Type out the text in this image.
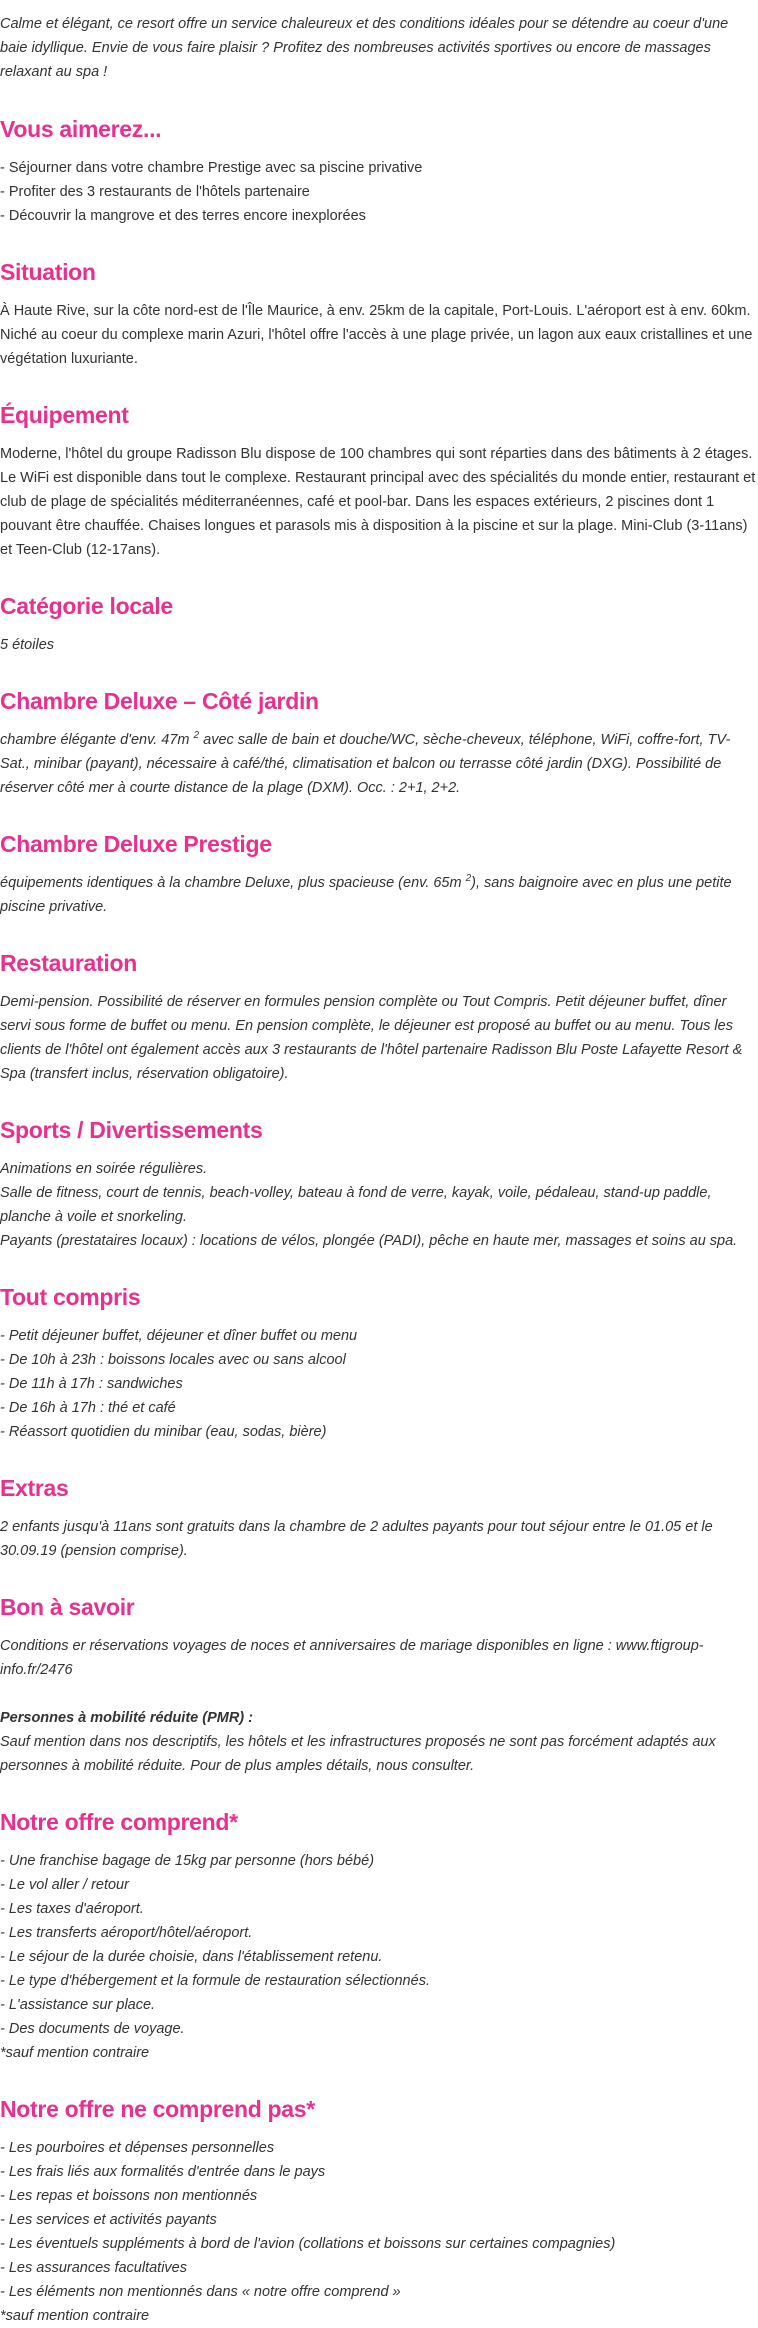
Calme et élégant, ce resort offre un service chaleureux et des conditions idéales pour se détendre au coeur d'une baie idyllique. Envie de vous faire plaisir ? Profitez des nombreuses activités sportives ou encore de massages relaxant au spa !

Vous aimerez...

- Séjourner dans votre chambre Prestige avec sa piscine privative

- Profiter des 3 restaurants de l'hôtels partenaire

- Découvrir la mangrove et des terres encore inexplorées

Situation

À Haute Rive, sur la côte nord-est de l'Île Maurice, à env. 25km de la capitale, Port-Louis. L'aéroport est à env. 60km. Niché au coeur du complexe marin Azuri, l'hôtel offre l'accès à une plage privée, un lagon aux eaux cristallines et une végétation luxuriante.

Équipement

Moderne, l'hôtel du groupe Radisson Blu dispose de 100 chambres qui sont réparties dans des bâtiments à 2 étages. Le WiFi est disponible dans tout le complexe. Restaurant principal avec des spécialités du monde entier, restaurant et club de plage de spécialités méditerranéennes, café et pool-bar. Dans les espaces extérieurs, 2 piscines dont 1 pouvant être chauffée. Chaises longues et parasols mis à disposition à la piscine et sur la plage. Mini-Club (3-11ans) et Teen-Club (12-17ans).

Catégorie locale

5 étoiles

Chambre Deluxe – Côté jardin

chambre élégante d'env. 47m $^2$ avec salle de bain et douche/WC, sèche-cheveux, téléphone, WiFi, coffre-fort, TV-Sat., minibar (payant), nécessaire à café/thé, climatisation et balcon ou terrasse côté jardin (DXG). Possibilité de réserver côté mer à courte distance de la plage (DXM). Occ. : 2+1, 2+2.

Chambre Deluxe Prestige

équipements identiques à la chambre Deluxe, plus spacieuse (env. 65m $^2$), sans baignoire avec en plus une petite piscine privative.

Restauration

Demi-pension. Possibilité de réserver en formules pension complète ou Tout Compris. Petit déjeuner buffet, dîner servi sous forme de buffet ou menu. En pension complète, le déjeuner est proposé au buffet ou au menu. Tous les clients de l'hôtel ont également accès aux 3 restaurants de l'hôtel partenaire Radisson Blu Poste Lafayette Resort & Spa (transfert inclus, réservation obligatoire).

Sports / Divertissements

Animations en soirée régulières.

Salle de fitness, court de tennis, beach-volley, bateau à fond de verre, kayak, voile, pédaleau, stand-up paddle, planche à voile et snorkeling.

Payants (prestataires locaux) : locations de vélos, plongée (PADI), pêche en haute mer, massages et soins au spa.

Tout compris

- Petit déjeuner buffet, déjeuner et dîner buffet ou menu

- De 10h à 23h : boissons locales avec ou sans alcool

- De 11h à 17h : sandwiches

- De 16h à 17h : thé et café

- Réassort quotidien du minibar (eau, sodas, bière)

Extras

2 enfants jusqu'à 11ans sont gratuits dans la chambre de 2 adultes payants pour tout séjour entre le 01.05 et le 30.09.19 (pension comprise).

Bon à savoir

Conditions er réservations voyages de noces et anniversaires de mariage disponibles en ligne : www.ftigroup-info.fr/2476

Personnes à mobilité réduite (PMR) :

Sauf mention dans nos descriptifs, les hôtels et les infrastructures proposés ne sont pas forcément adaptés aux personnes à mobilité réduite. Pour de plus amples détails, nous consulter.

Notre offre comprend*

- Une franchise bagage de 15kg par personne (hors bébé)

- Le vol aller / retour

- Les taxes d'aéroport.

- Les transferts aéroport/hôtel/aéroport.

- Le séjour de la durée choisie, dans l'établissement retenu.

- Le type d'hébergement et la formule de restauration sélectionnés.

- L'assistance sur place.

- Des documents de voyage.

*sauf mention contraire

Notre offre ne comprend pas*

- Les pourboires et dépenses personnelles

- Les frais liés aux formalités d'entrée dans le pays

- Les repas et boissons non mentionnés

- Les services et activités payants

- Les éventuels suppléments à bord de l'avion (collations et boissons sur certaines compagnies)

- Les assurances facultatives

- Les éléments non mentionnés dans « notre offre comprend »

*sauf mention contraire
